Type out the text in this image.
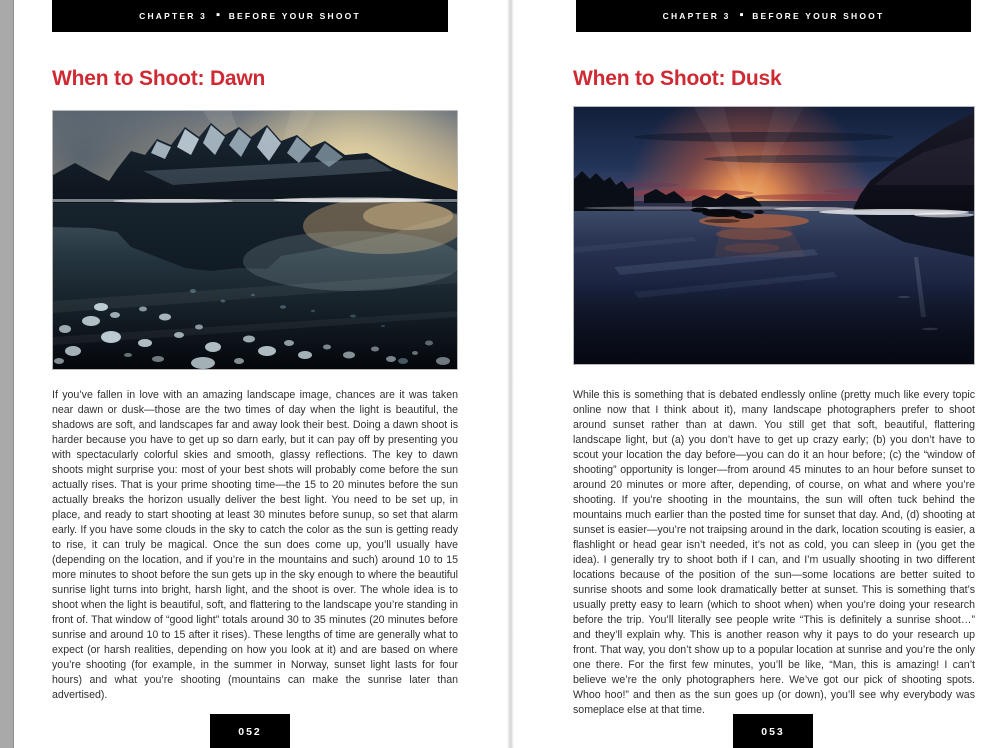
CHAPTER 3 ■ BEFORE YOUR SHOOT
When to Shoot: Dawn

If you’ve fallen in love with an amazing landscape image, chances are it was taken near dawn or dusk—those are the two times of day when the light is beautiful, the shadows are soft, and landscapes far and away look their best. Doing a dawn shoot is harder because you have to get up so darn early, but it can pay off by presenting you with spectacularly colorful skies and smooth, glassy reflections. The key to dawn shoots might surprise you: most of your best shots will probably come before the sun actually rises. That is your prime shooting time—the 15 to 20 minutes before the sun actually breaks the horizon usually deliver the best light. You need to be set up, in place, and ready to start shooting at least 30 minutes before sunup, so set that alarm early. If you have some clouds in the sky to catch the color as the sun is getting ready to rise, it can truly be magical. Once the sun does come up, you’ll usually have (depending on the location, and if you’re in the mountains and such) around 10 to 15 more minutes to shoot before the sun gets up in the sky enough to where the beautiful sunrise light turns into bright, harsh light, and the shoot is over. The whole idea is to shoot when the light is beautiful, soft, and flattering to the landscape you’re standing in front of. That window of “good light” totals around 30 to 35 minutes (20 minutes before sunrise and around 10 to 15 after it rises). These lengths of time are generally what to expect (or harsh realities, depending on how you look at it) and are based on where you’re shooting (for example, in the summer in Norway, sunset light lasts for four hours) and what you’re shooting (mountains can make the sunrise later than advertised).

052
CHAPTER 3 ■ BEFORE YOUR SHOOT
When to Shoot: Dusk

While this is something that is debated endlessly online (pretty much like every topic online now that I think about it), many landscape photographers prefer to shoot around sunset rather than at dawn. You still get that soft, beautiful, flattering landscape light, but (a) you don’t have to get up crazy early; (b) you don’t have to scout your location the day before—you can do it an hour before; (c) the “window of shooting” opportunity is longer—from around 45 minutes to an hour before sunset to around 20 minutes or more after, depending, of course, on what and where you’re shooting. If you’re shooting in the mountains, the sun will often tuck behind the mountains much earlier than the posted time for sunset that day. And, (d) shooting at sunset is easier—you’re not traipsing around in the dark, location scouting is easier, a flashlight or head gear isn’t needed, it’s not as cold, you can sleep in (you get the idea). I generally try to shoot both if I can, and I’m usually shooting in two different locations because of the position of the sun—some locations are better suited to sunrise shoots and some look dramatically better at sunset. This is something that’s usually pretty easy to learn (which to shoot when) when you’re doing your research before the trip. You’ll literally see people write “This is definitely a sunrise shoot…” and they’ll explain why. This is another reason why it pays to do your research up front. That way, you don’t show up to a popular location at sunrise and you’re the only one there. For the first few minutes, you’ll be like, “Man, this is amazing! I can’t believe we’re the only photographers here. We’ve got our pick of shooting spots. Whoo hoo!” and then as the sun goes up (or down), you’ll see why everybody was someplace else at that time.

053
